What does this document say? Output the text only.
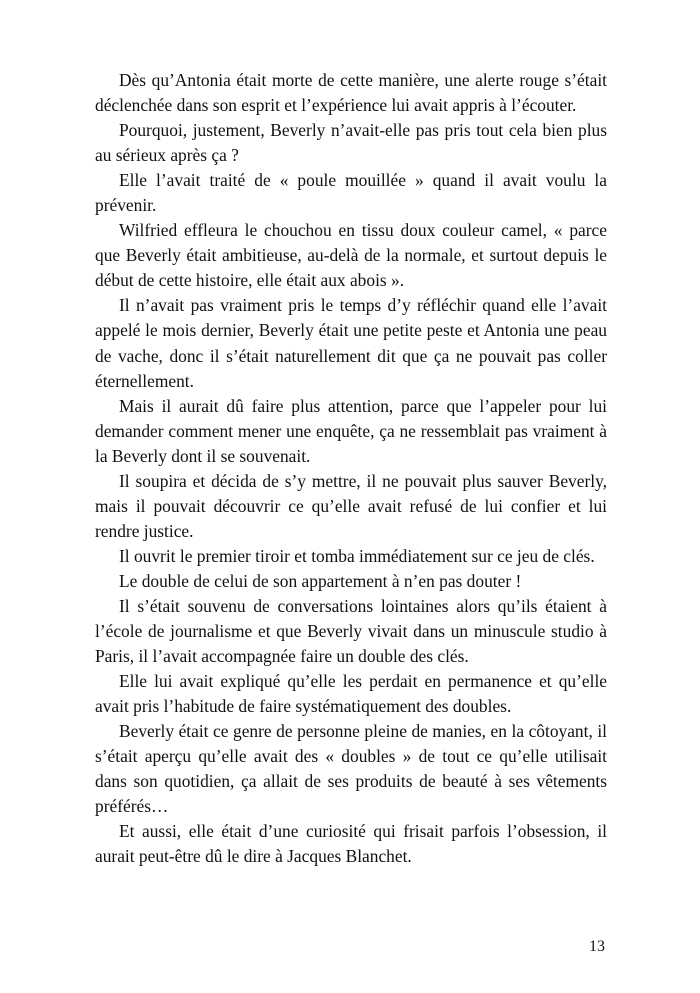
Dès qu’Antonia était morte de cette manière, une alerte rouge s’était déclenchée dans son esprit et l’expérience lui avait appris à l’écouter.

Pourquoi, justement, Beverly n’avait-elle pas pris tout cela bien plus au sérieux après ça ?

Elle l’avait traité de « poule mouillée » quand il avait voulu la prévenir.

Wilfried effleura le chouchou en tissu doux couleur camel, « parce que Beverly était ambitieuse, au-delà de la normale, et surtout depuis le début de cette histoire, elle était aux abois ».

Il n’avait pas vraiment pris le temps d’y réfléchir quand elle l’avait appelé le mois dernier, Beverly était une petite peste et Antonia une peau de vache, donc il s’était naturellement dit que ça ne pouvait pas coller éternellement.

Mais il aurait dû faire plus attention, parce que l’appeler pour lui demander comment mener une enquête, ça ne ressemblait pas vraiment à la Beverly dont il se souvenait.

Il soupira et décida de s’y mettre, il ne pouvait plus sauver Beverly, mais il pouvait découvrir ce qu’elle avait refusé de lui confier et lui rendre justice.

Il ouvrit le premier tiroir et tomba immédiatement sur ce jeu de clés.

Le double de celui de son appartement à n’en pas douter !

Il s’était souvenu de conversations lointaines alors qu’ils étaient à l’école de journalisme et que Beverly vivait dans un minuscule studio à Paris, il l’avait accompagnée faire un double des clés.

Elle lui avait expliqué qu’elle les perdait en permanence et qu’elle avait pris l’habitude de faire systématiquement des doubles.

Beverly était ce genre de personne pleine de manies, en la côtoyant, il s’était aperçu qu’elle avait des « doubles » de tout ce qu’elle utilisait dans son quotidien, ça allait de ses produits de beauté à ses vêtements préférés…

Et aussi, elle était d’une curiosité qui frisait parfois l’obsession, il aurait peut-être dû le dire à Jacques Blanchet.

13
